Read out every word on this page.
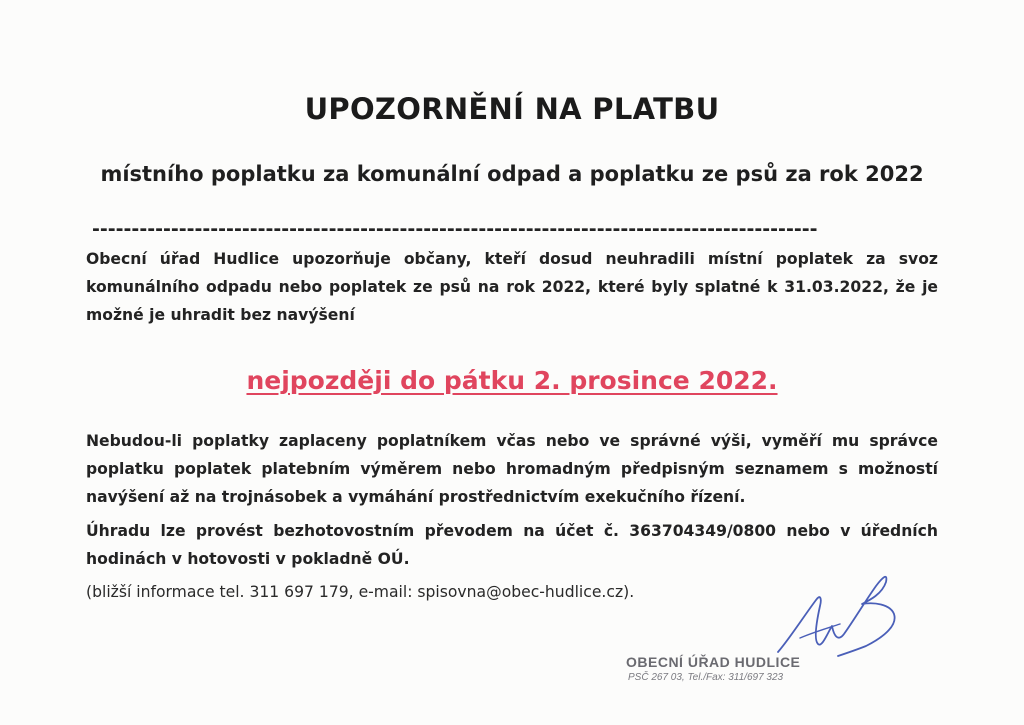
UPOZORNĚNÍ NA PLATBU
místního poplatku za komunální odpad a poplatku ze psů za rok 2022
--------------------------------------------------------------------------------------------

Obecní úřad Hudlice upozorňuje občany, kteří dosud neuhradili místní poplatek za svoz komunálního odpadu nebo poplatek ze psů na rok 2022, které byly splatné k 31.03.2022, že je možné je uhradit bez navýšení

nejpozději do pátku 2. prosince 2022.

Nebudou-li poplatky zaplaceny poplatníkem včas nebo ve správné výši, vyměří mu správce poplatku poplatek platebním výměrem nebo hromadným předpisným seznamem s možností navýšení až na trojnásobek a vymáhání prostřednictvím exekučního řízení.

Úhradu lze provést bezhotovostním převodem na účet č. 363704349/0800 nebo v úředních hodinách v hotovosti v pokladně OÚ.

(bližší informace tel. 311 697 179, e-mail: spisovna@obec-hudlice.cz).

OBECNÍ ÚŘAD HUDLICE
PSČ 267 03, Tel./Fax: 311/697 323
